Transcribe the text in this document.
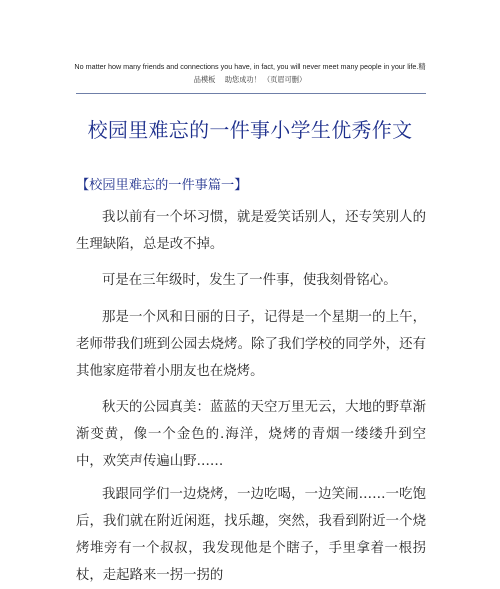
No matter how many friends and connections you have, in fact, you will never meet many people in your life.精
品模板　 助您成功！ （页眉可删）
校园里难忘的一件事小学生优秀作文
【校园里难忘的一件事篇一】

我以前有一个坏习惯，就是爱笑话别人，还专笑别人的生理缺陷，总是改不掉。

可是在三年级时，发生了一件事，使我刻骨铭心。

那是一个风和日丽的日子，记得是一个星期一的上午，老师带我们班到公园去烧烤。除了我们学校的同学外，还有其他家庭带着小朋友也在烧烤。

秋天的公园真美：蓝蓝的天空万里无云，大地的野草渐渐变黄，像一个金色的.海洋，烧烤的青烟一缕缕升到空中，欢笑声传遍山野……

我跟同学们一边烧烤，一边吃喝，一边笑闹……一吃饱后，我们就在附近闲逛，找乐趣，突然，我看到附近一个烧烤堆旁有一个叔叔，我发现他是个瞎子，手里拿着一根拐杖，走起路来一拐一拐的
